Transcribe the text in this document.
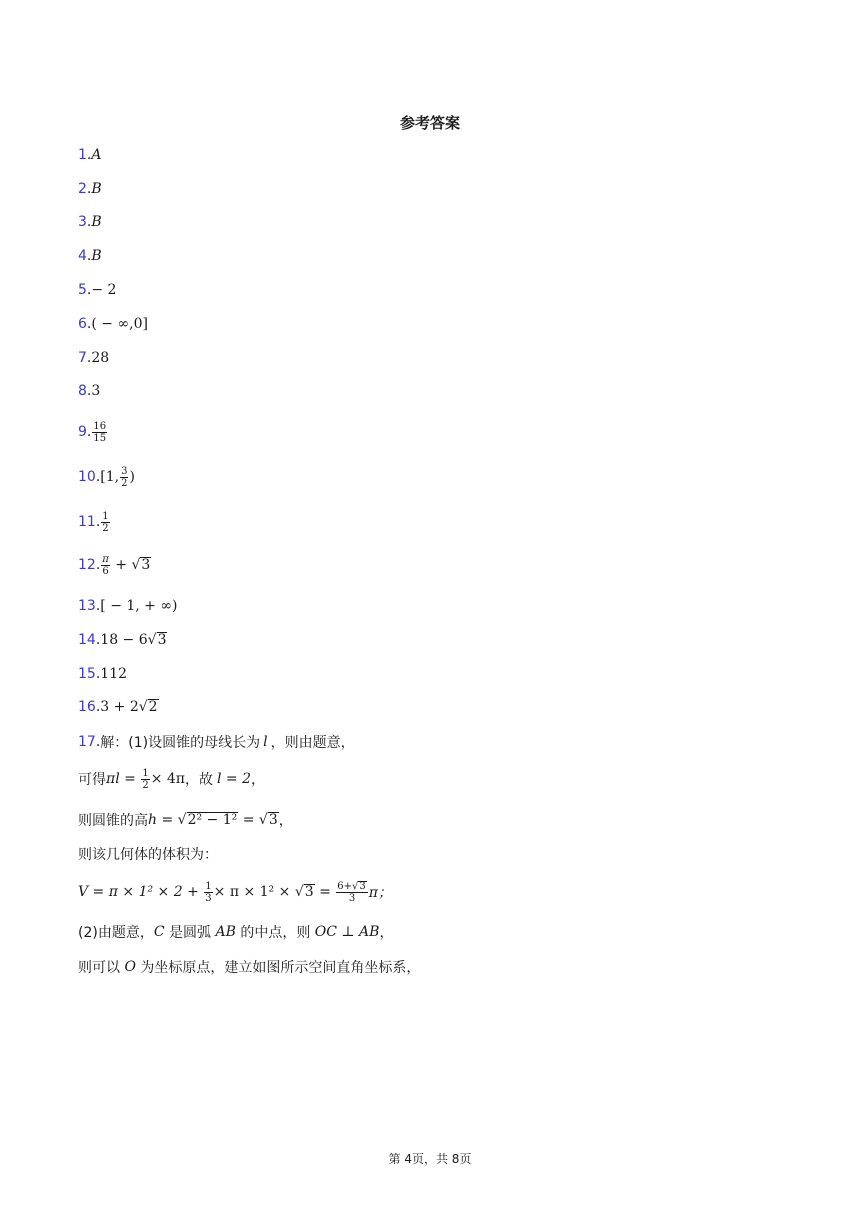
参考答案
1 . A
2 . B
3 . B
4 . B
5 . − 2
6 . ( − ∞,0]
7 . 28
8 . 3
9 . $\frac{16}{15}$
10 . [1, $\frac{3}{2}$ )
11 . $\frac{1}{2}$
12 . $\frac{\pi}{6}$ + √ 3
13 . [ − 1, + ∞)
14 . 18 − 6 √ 3
15 . 112
16 . 3 + 2 √ 2
17 . 解：(1)设圆锥的母线长为 l ，则由题意，
可得 $\pi l = \frac{1}{2} \times 4\pi$ ，故 l = 2 ，
则圆锥的高 h = √ 2² − 1² = √ 3 ，
则该几何体的体积为：
$V = \pi \times 1^2 \times 2 + \frac{1}{3} \times \pi \times 1^2$ × √ $3 = \frac{6+ √ 3}{3}$ π；
(2)由题意， C 是圆弧 AB 的中点，则 OC ⊥ AB ，
则可以 O 为坐标原点，建立如图所示空间直角坐标系，
第 4页，共 8页
